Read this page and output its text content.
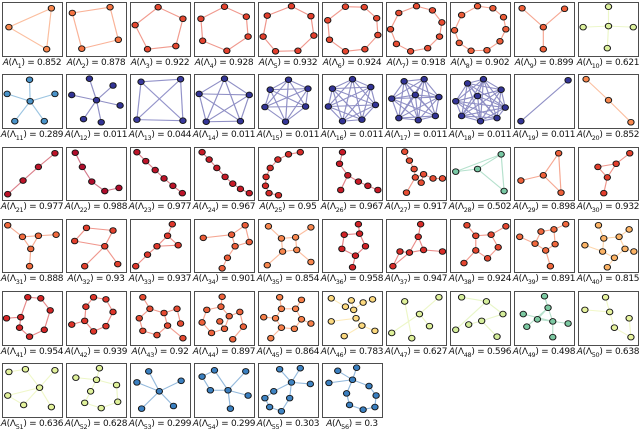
$A(\Lambda_1) = 0.852$ $A(\Lambda_2) = 0.878$ $A(\Lambda_3) = 0.922$ $A(\Lambda_4) = 0.928$ $A(\Lambda_5) = 0.932$ $A(\Lambda_6) = 0.924$ $A(\Lambda_7) = 0.918$ $A(\Lambda_8) = 0.902$ $A(\Lambda_9) = 0.899$ $A(\Lambda_{10}) = 0.621$
$A(\Lambda_{11}) = 0.289$ $A(\Lambda_{12}) = 0.011$ $A(\Lambda_{13}) = 0.044$ $A(\Lambda_{14}) = 0.011$ $A(\Lambda_{15}) = 0.011$ $A(\Lambda_{16}) = 0.011$ $A(\Lambda_{17}) = 0.011$ $A(\Lambda_{18}) = 0.011$ $A(\Lambda_{19}) = 0.011$ $A(\Lambda_{20}) = 0.852$
$A(\Lambda_{21}) = 0.977$ $A(\Lambda_{22}) = 0.988$ $A(\Lambda_{23}) = 0.977$ $A(\Lambda_{24}) = 0.967$ $A(\Lambda_{25}) = 0.95$ $A(\Lambda_{26}) = 0.967$ $A(\Lambda_{27}) = 0.917$ $A(\Lambda_{28}) = 0.502$ $A(\Lambda_{29}) = 0.898$ $A(\Lambda_{30}) = 0.932$
$A(\Lambda_{31}) = 0.888$ $A(\Lambda_{32}) = 0.93$ $A(\Lambda_{33}) = 0.937$ $A(\Lambda_{34}) = 0.901$ $A(\Lambda_{35}) = 0.854$ $A(\Lambda_{36}) = 0.958$ $A(\Lambda_{37}) = 0.947$ $A(\Lambda_{38}) = 0.924$ $A(\Lambda_{39}) = 0.891$ $A(\Lambda_{40}) = 0.815$
$A(\Lambda_{41}) = 0.954$ $A(\Lambda_{42}) = 0.939$ $A(\Lambda_{43}) = 0.92$ $A(\Lambda_{44}) = 0.897$ $A(\Lambda_{45}) = 0.864$ $A(\Lambda_{46}) = 0.783$ $A(\Lambda_{47}) = 0.627$ $A(\Lambda_{48}) = 0.596$ $A(\Lambda_{49}) = 0.498$ $A(\Lambda_{50}) = 0.638$
$A(\Lambda_{51}) = 0.636$ $A(\Lambda_{52}) = 0.628$ $A(\Lambda_{53}) = 0.299$ $A(\Lambda_{54}) = 0.299$ $A(\Lambda_{55}) = 0.303$ $A(\Lambda_{56}) = 0.3$
